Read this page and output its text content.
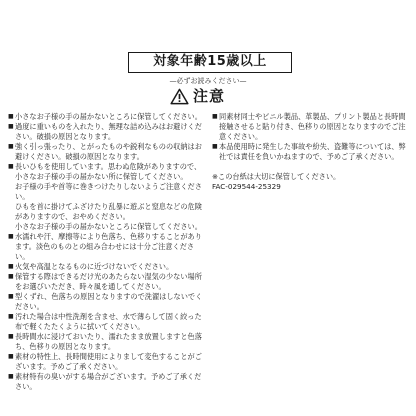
対象年齢15歳以上
—必ずお読みください—
注意
■ 小さなお子様の手の届かないところに保管してください。
■ 過度に重いものを入れたり、無理な詰め込みはお避けください。破損の原因となります。
■ 強く引っ張ったり、とがったものや鋭利なものの収納はお避けください。破損の原因となります。
■ 長いひもを使用しています。思わぬ危険がありますので、
小さなお子様の手の届かない所に保管してください。
お子様の手や首等に巻きつけたりしないようご注意ください。
ひもを首に掛けてふざけたり乱暴に遊ぶと窒息などの危険がありますので、おやめください。
小さなお子様の手の届かないところに保管してください。
■ 水濡れや汗、摩擦等により色落ち、色移りすることがあります。淡色のものとの組み合わせには十分ご注意ください。
■ 火気や高温となるものに近づけないでください。
■ 保管する際はできるだけ光のあたらない湿気の少ない場所をお選びいただき、時々風を通してください。
■ 型くずれ、色落ちの原因となりますので洗濯はしないでください。
■ 汚れた場合は中性洗剤を含ませ、水で薄らして固く絞った布で軽くたたくように拭いてください。
■ 長時間水に浸けておいたり、濡れたまま放置しますと色落ち、色移りの原因となります。
■ 素材の特性上、長時間使用によりまして変色することがございます。予めご了承ください。
■ 素材特有の臭いがする場合がございます。予めご了承ください。
■ 同素材同士やビニル製品、革製品、プリント製品と長時間接触させると貼り付き、色移りの原因となりますのでご注意ください。
■ 本品使用時に発生した事故や紛失、盗難等については、弊社では責任を負いかねますので、予めご了承ください。
※この台紙は大切に保管してください。
FAC-029544-25329
